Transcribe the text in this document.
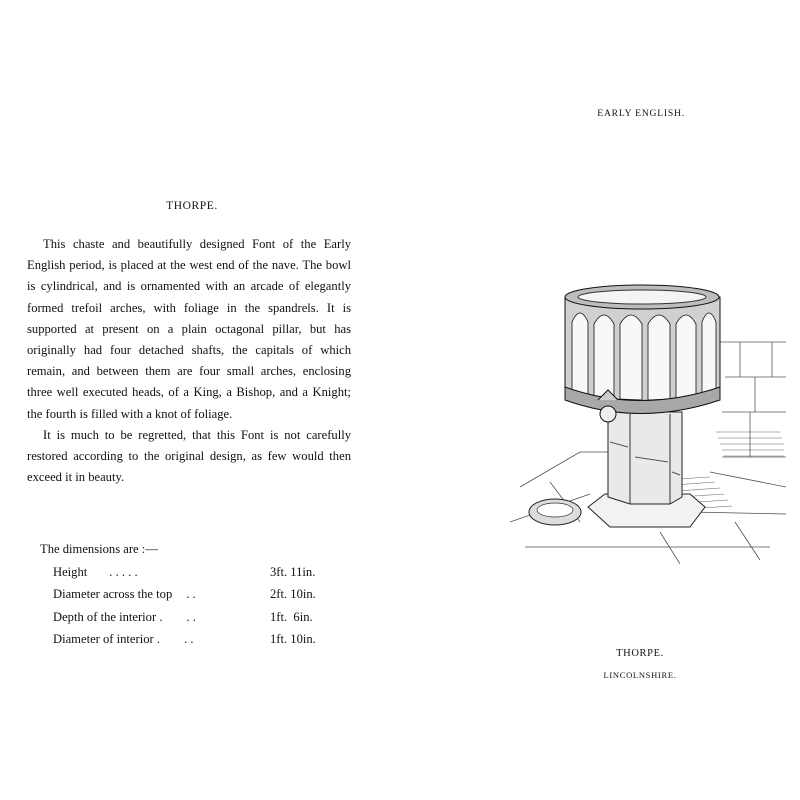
THORPE.

This chaste and beautifully designed Font of the Early English period, is placed at the west end of the nave. The bowl is cylindrical, and is ornamented with an arcade of elegantly formed trefoil arches, with foliage in the spandrels. It is supported at present on a plain octagonal pillar, but has originally had four detached shafts, the capitals of which remain, and between them are four small arches, enclosing three well executed heads, of a King, a Bishop, and a Knight; the fourth is filled with a knot of foliage.

It is much to be regretted, that this Font is not carefully restored according to the original design, as few would then exceed it in beauty.

The dimensions are :—
Height	. . . . .	3ft. 11in.
Diameter across the top	. .	2ft. 10in.
Depth of the interior .	. .	1ft.  6in.
Diameter of interior .	. .	1ft. 10in.
EARLY ENGLISH.
THORPE.
LINCOLNSHIRE.
